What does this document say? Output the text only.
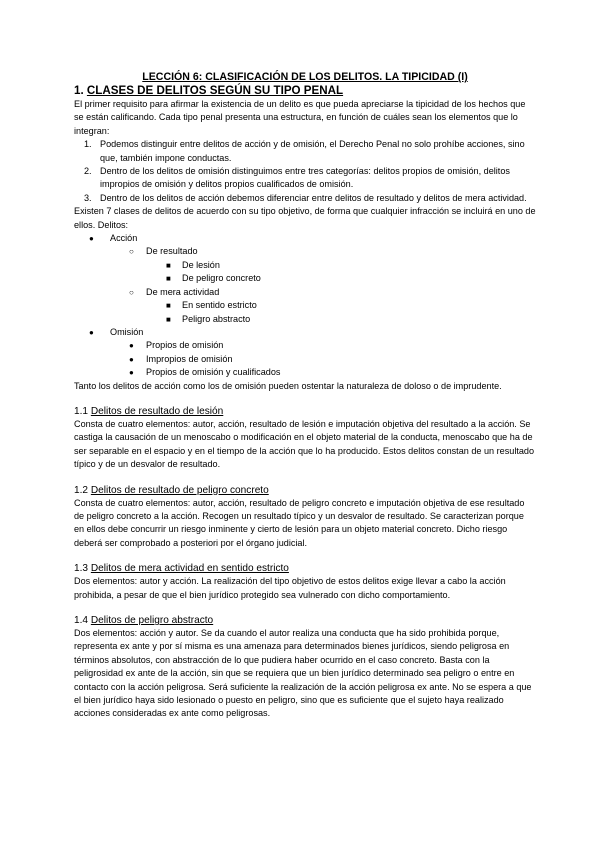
LECCIÓN 6: CLASIFICACIÓN DE LOS DELITOS. LA TIPICIDAD (I)

1. CLASES DE DELITOS SEGÚN SU TIPO PENAL

El primer requisito para afirmar la existencia de un delito es que pueda apreciarse la tipicidad de los hechos que se están calificando. Cada tipo penal presenta una estructura, en función de cuáles sean los elementos que lo integran:

1. Podemos distinguir entre delitos de acción y de omisión, el Derecho Penal no solo prohíbe acciones, sino que, también impone conductas.
2. Dentro de los delitos de omisión distinguimos entre tres categorías: delitos propios de omisión, delitos impropios de omisión y delitos propios cualificados de omisión.
3. Dentro de los delitos de acción debemos diferenciar entre delitos de resultado y delitos de mera actividad.

Existen 7 clases de delitos de acuerdo con su tipo objetivo, de forma que cualquier infracción se incluirá en uno de ellos. Delitos:

● Acción
○ De resultado
■ De lesión
■ De peligro concreto
○ De mera actividad
■ En sentido estricto
■ Peligro abstracto
● Omisión
● Propios de omisión
● Impropios de omisión
● Propios de omisión y cualificados

Tanto los delitos de acción como los de omisión pueden ostentar la naturaleza de doloso o de imprudente.

1.1 Delitos de resultado de lesión

Consta de cuatro elementos: autor, acción, resultado de lesión e imputación objetiva del resultado a la acción. Se castiga la causación de un menoscabo o modificación en el objeto material de la conducta, menoscabo que ha de ser separable en el espacio y en el tiempo de la acción que lo ha producido. Estos delitos constan de un resultado típico y de un desvalor de resultado.

1.2 Delitos de resultado de peligro concreto

Consta de cuatro elementos: autor, acción, resultado de peligro concreto e imputación objetiva de ese resultado de peligro concreto a la acción. Recogen un resultado típico y un desvalor de resultado. Se caracterizan porque en ellos debe concurrir un riesgo inminente y cierto de lesión para un objeto material concreto. Dicho riesgo deberá ser comprobado a posteriori por el órgano judicial.

1.3 Delitos de mera actividad en sentido estricto

Dos elementos: autor y acción. La realización del tipo objetivo de estos delitos exige llevar a cabo la acción prohibida, a pesar de que el bien jurídico protegido sea vulnerado con dicho comportamiento.

1.4 Delitos de peligro abstracto

Dos elementos: acción y autor. Se da cuando el autor realiza una conducta que ha sido prohibida porque, representa ex ante y por sí misma es una amenaza para determinados bienes jurídicos, siendo peligrosa en términos absolutos, con abstracción de lo que pudiera haber ocurrido en el caso concreto. Basta con la peligrosidad ex ante de la acción, sin que se requiera que un bien jurídico determinado sea peligro o entre en contacto con la acción peligrosa. Será suficiente la realización de la acción peligrosa ex ante. No se espera a que el bien jurídico haya sido lesionado o puesto en peligro, sino que es suficiente que el sujeto haya realizado acciones consideradas ex ante como peligrosas.
